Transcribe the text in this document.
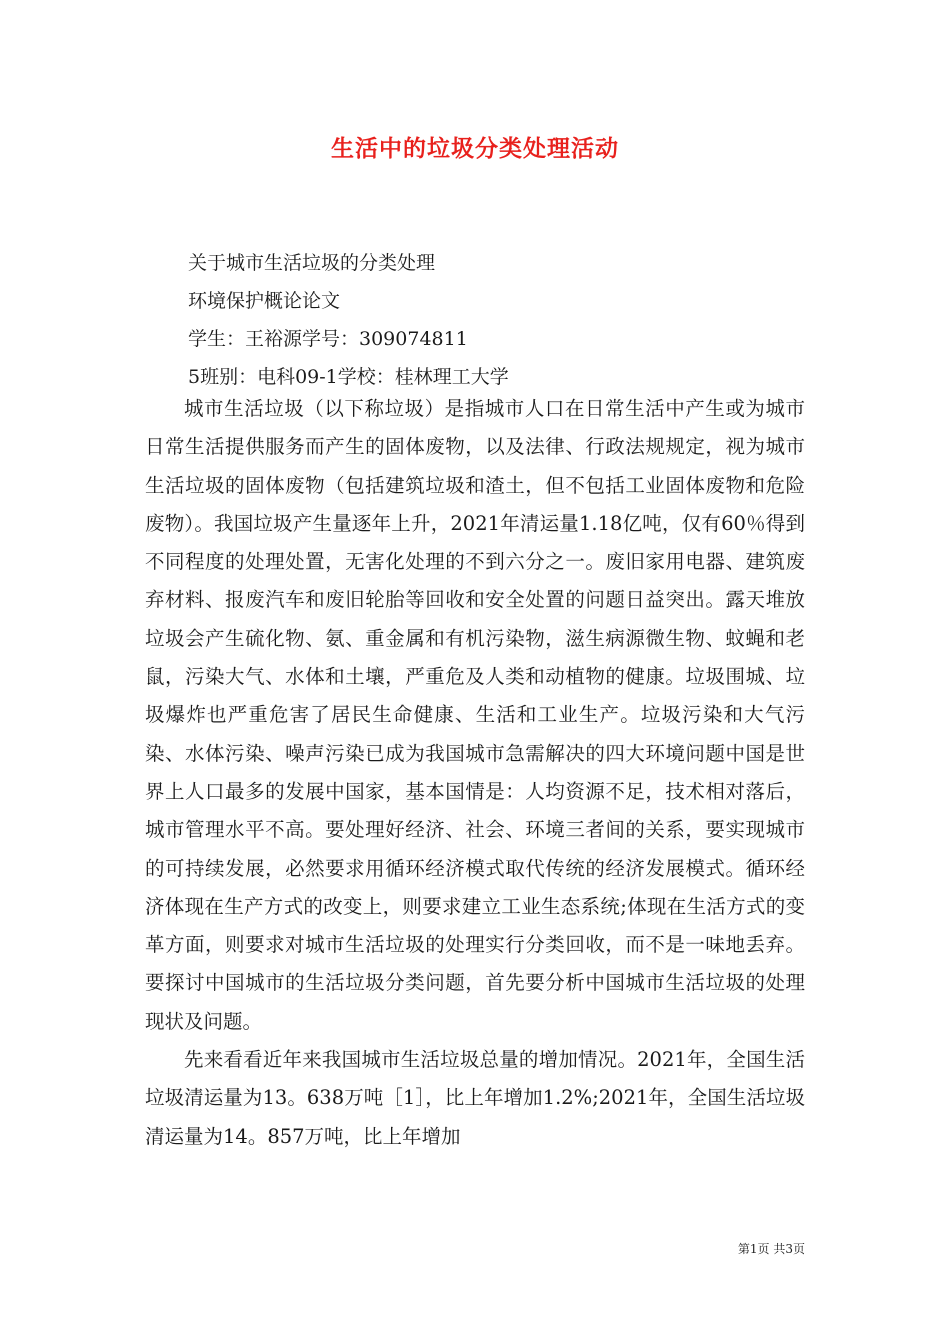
生活中的垃圾分类处理活动
关于城市生活垃圾的分类处理
环境保护概论论文
学生：王裕源学号：309074811
5班别：电科09-1学校：桂林理工大学

城市生活垃圾（以下称垃圾）是指城市人口在日常生活中产生或为城市日常生活提供服务而产生的固体废物，以及法律、行政法规规定，视为城市生活垃圾的固体废物（包括建筑垃圾和渣土，但不包括工业固体废物和危险废物）。我国垃圾产生量逐年上升，2021年清运量1.18亿吨，仅有60％得到不同程度的处理处置，无害化处理的不到六分之一。废旧家用电器、建筑废弃材料、报废汽车和废旧轮胎等回收和安全处置的问题日益突出。露天堆放垃圾会产生硫化物、氨、重金属和有机污染物，滋生病源微生物、蚊蝇和老鼠，污染大气、水体和土壤，严重危及人类和动植物的健康。垃圾围城、垃圾爆炸也严重危害了居民生命健康、生活和工业生产。垃圾污染和大气污染、水体污染、噪声污染已成为我国城市急需解决的四大环境问题中国是世界上人口最多的发展中国家，基本国情是：人均资源不足，技术相对落后，城市管理水平不高。要处理好经济、社会、环境三者间的关系，要实现城市的可持续发展，必然要求用循环经济模式取代传统的经济发展模式。循环经济体现在生产方式的改变上，则要求建立工业生态系统;体现在生活方式的变革方面，则要求对城市生活垃圾的处理实行分类回收，而不是一味地丢弃。要探讨中国城市的生活垃圾分类问题，首先要分析中国城市生活垃圾的处理现状及问题。

先来看看近年来我国城市生活垃圾总量的增加情况。2021年，全国生活垃圾清运量为13。638万吨［1］，比上年增加1.2%;2021年，全国生活垃圾清运量为14。857万吨，比上年增加

第1页 共3页
